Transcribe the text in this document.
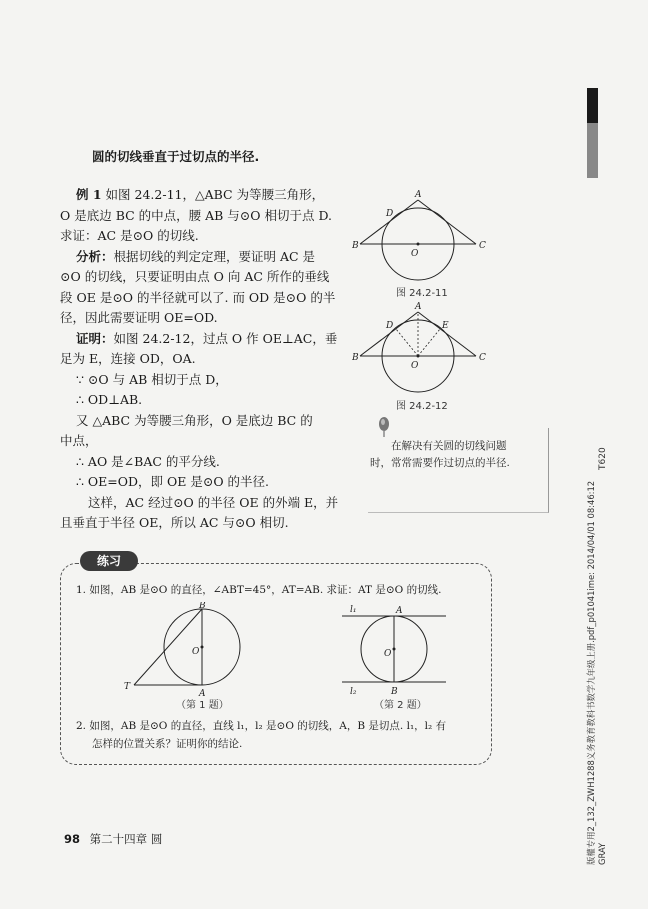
圆的切线垂直于过切点的半径.
例 1 如图 24.2-11，△ABC 为等腰三角形，
O 是底边 BC 的中点，腰 AB 与⊙O 相切于点 D.
求证：AC 是⊙O 的切线.
分析：根据切线的判定定理，要证明 AC 是
⊙O 的切线，只要证明由点 O 向 AC 所作的垂线
段 OE 是⊙O 的半径就可以了. 而 OD 是⊙O 的半
径，因此需要证明 OE=OD.
证明：如图 24.2-12，过点 O 作 OE⊥AC，垂
足为 E，连接 OD，OA.
∵ ⊙O 与 AB 相切于点 D，
∴ OD⊥AB.
又 △ABC 为等腰三角形，O 是底边 BC 的
中点，
∴ AO 是∠BAC 的平分线.
∴ OE=OD，即 OE 是⊙O 的半径.
这样，AC 经过⊙O 的半径 OE 的外端 E，并
且垂直于半径 OE，所以 AC 与⊙O 相切.
A
B	C
D
O
图 24.2-11
A
B	C
D	E
O
图 24.2-12
在解决有关圆的切线问题时，常常需要作过切点的半径.
练习
1. 如图，AB 是⊙O 的直径，∠ABT=45°，AT=AB. 求证：AT 是⊙O 的切线.
B
A
T
O
（第 1 题）
l₁
l₂
A
B
O
（第 2 题）
2. 如图，AB 是⊙O 的直径，直线 l₁，l₂ 是⊙O 的切线，A，B 是切点. l₁，l₂ 有
怎样的位置关系？证明你的结论.
98 第二十四章 圆
T620
版權专用2_132_ZWH1288义务教育教科书数学九年级上册.pdf_p01041ime: 2014/04/01 08:46:12 GRAY
